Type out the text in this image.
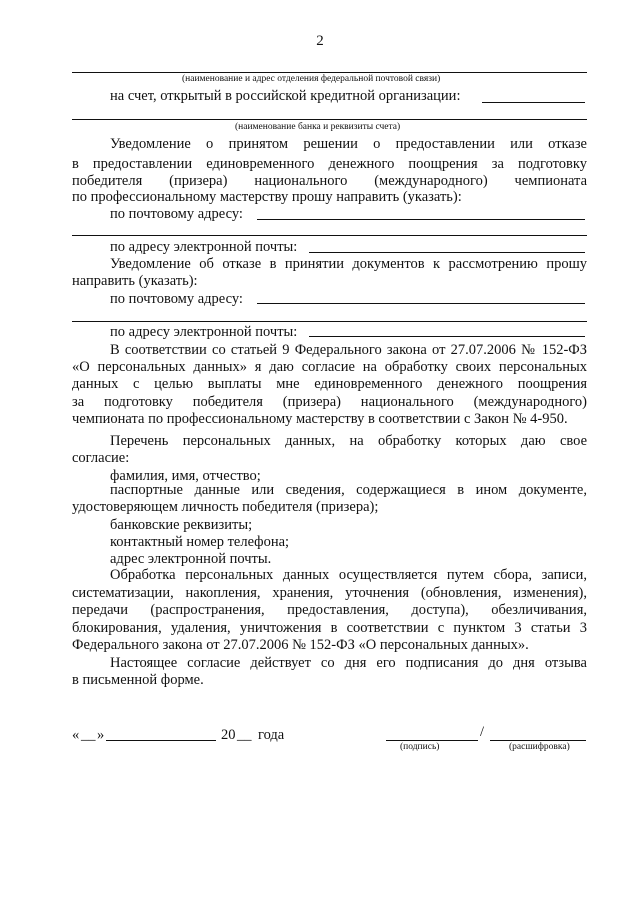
2
(наименование и адрес отделения федеральной почтовой связи)
на счет, открытый в российской кредитной организации:
(наименование банка и реквизиты счета)
Уведомление о принятом решении о предоставлении или отказе
в предоставлении единовременного денежного поощрения за подготовку
победителя (призера) национального (международного) чемпионата
по профессиональному мастерству прошу направить (указать):
по почтовому адресу:
по адресу электронной почты:
Уведомление об отказе в принятии документов к рассмотрению прошу
направить (указать):
по почтовому адресу:
по адресу электронной почты:
В соответствии со статьей 9 Федерального закона от 27.07.2006 № 152-ФЗ
«О персональных данных» я даю согласие на обработку своих персональных
данных с целью выплаты мне единовременного денежного поощрения
за подготовку победителя (призера) национального (международного)
чемпионата по профессиональному мастерству в соответствии с Закон № 4-950.
Перечень персональных данных, на обработку которых даю свое
согласие:
фамилия, имя, отчество;
паспортные данные или сведения, содержащиеся в ином документе,
удостоверяющем личность победителя (призера);
банковские реквизиты;
контактный номер телефона;
адрес электронной почты.
Обработка персональных данных осуществляется путем сбора, записи,
систематизации, накопления, хранения, уточнения (обновления, изменения),
передачи (распространения, предоставления, доступа), обезличивания,
блокирования, удаления, уничтожения в соответствии с пунктом 3 статьи 3
Федерального закона от 27.07.2006 № 152-ФЗ «О персональных данных».
Настоящее согласие действует со дня его подписания до дня отзыва
в письменной форме.
« __ »	20 __ года	/
(подпись)	(расшифровка)
